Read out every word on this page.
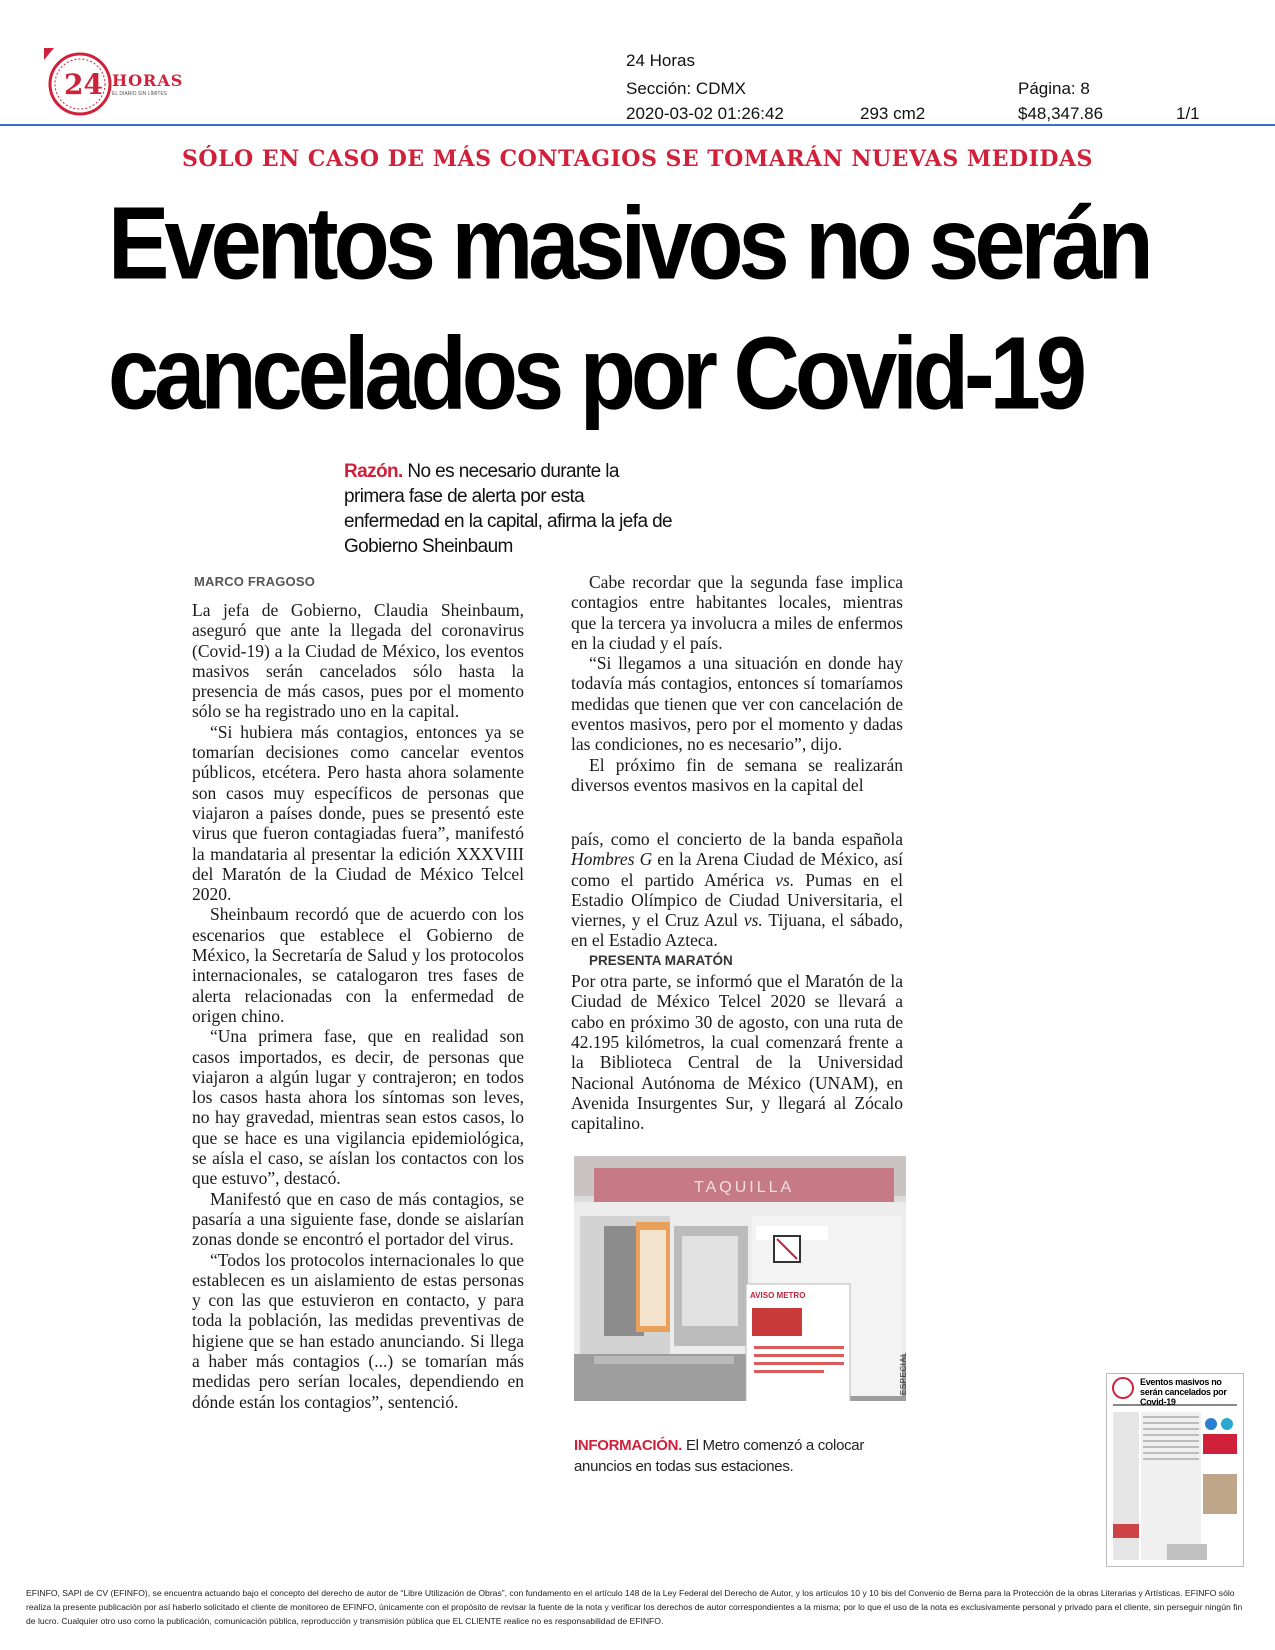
24 HORAS
EL DIARIO SIN LÍMITES
24 Horas
Sección: CDMX
2020-03-02 01:26:42	293 cm2
Página: 8
$48,347.86	1/1
SÓLO EN CASO DE MÁS CONTAGIOS SE TOMARÁN NUEVAS MEDIDAS
Eventos masivos no serán
cancelados por Covid-19
Razón. No es necesario durante la primera fase de alerta por esta enfermedad en la capital, afirma la jefa de Gobierno Sheinbaum
MARCO FRAGOSO

La jefa de Gobierno, Claudia Sheinbaum, aseguró que ante la llegada del coronavirus (Covid-19) a la Ciudad de México, los eventos masivos serán cancelados sólo hasta la presencia de más casos, pues por el momento sólo se ha registrado uno en la capital.

“Si hubiera más contagios, entonces ya se tomarían decisiones como cancelar eventos públicos, etcétera. Pero hasta ahora solamente son casos muy específicos de personas que viajaron a países donde, pues se presentó este virus que fueron contagiadas fuera”, manifestó la mandataria al presentar la edición XXXVIII del Maratón de la Ciudad de México Telcel 2020.

Sheinbaum recordó que de acuerdo con los escenarios que establece el Gobierno de México, la Secretaría de Salud y los protocolos internacionales, se catalogaron tres fases de alerta relacionadas con la enfermedad de origen chino.

“Una primera fase, que en realidad son casos importados, es decir, de personas que viajaron a algún lugar y contrajeron; en todos los casos hasta ahora los síntomas son leves, no hay gravedad, mientras sean estos casos, lo que se hace es una vigilancia epidemiológica, se aísla el caso, se aíslan los contactos con los que estuvo”, destacó.

Manifestó que en caso de más contagios, se pasaría a una siguiente fase, donde se aislarían zonas donde se encontró el portador del virus.

“Todos los protocolos internacionales lo que establecen es un aislamiento de estas personas y con las que estuvieron en contacto, y para toda la población, las medidas preventivas de higiene que se han estado anunciando. Si llega a haber más contagios (...) se tomarían más medidas pero serían locales, dependiendo en dónde están los contagios”, sentenció.

Cabe recordar que la segunda fase implica contagios entre habitantes locales, mientras que la tercera ya involucra a miles de enfermos en la ciudad y el país.

“Si llegamos a una situación en donde hay todavía más contagios, entonces sí tomaríamos medidas que tienen que ver con cancelación de eventos masivos, pero por el momento y dadas las condiciones, no es necesario”, dijo.

El próximo fin de semana se realizarán diversos eventos masivos en la capital del

país, como el concierto de la banda española Hombres G en la Arena Ciudad de México, así como el partido América vs. Pumas en el Estadio Olímpico de Ciudad Universitaria, el viernes, y el Cruz Azul vs. Tijuana, el sábado, en el Estadio Azteca.

PRESENTA MARATÓN

Por otra parte, se informó que el Maratón de la Ciudad de México Telcel 2020 se llevará a cabo en próximo 30 de agosto, con una ruta de 42.195 kilómetros, la cual comenzará frente a la Biblioteca Central de la Universidad Nacional Autónoma de México (UNAM), en Avenida Insurgentes Sur, y llegará al Zócalo capitalino.

TAQUILLA
AVISO METRO
ESPECIAL
INFORMACIÓN. El Metro comenzó a colocar anuncios en todas sus estaciones.
Eventos masivos no serán cancelados por Covid-19
EFINFO, SAPI de CV (EFINFO), se encuentra actuando bajo el concepto del derecho de autor de “Libre Utilización de Obras”, con fundamento en el artículo 148 de la Ley Federal del Derecho de Autor, y los artículos 10 y 10 bis del Convenio de Berna para la Protección de la obras Literarias y Artísticas. EFINFO sólo realiza la presente publicación por así haberlo solicitado el cliente de monitoreo de EFINFO, únicamente con el propósito de revisar la fuente de la nota y verificar los derechos de autor correspondientes a la misma; por lo que el uso de la nota es exclusivamente personal y privado para el cliente, sin perseguir ningún fin de lucro. Cualquier otro uso como la publicación, comunicación pública, reproducción y transmisión pública que EL CLIENTE realice no es responsabilidad de EFINFO.
